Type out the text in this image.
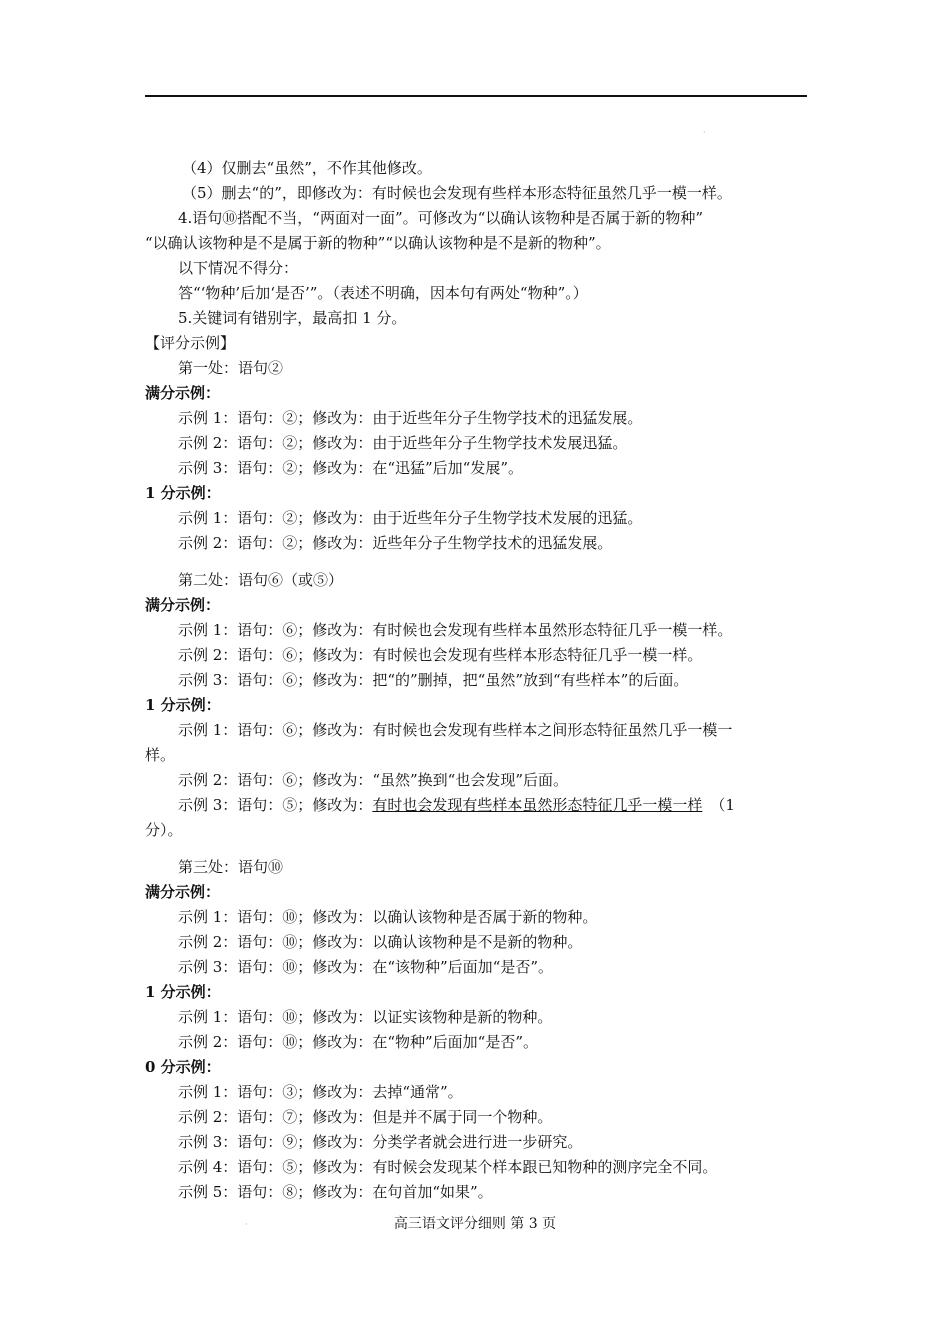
·
（4）仅删去“虽然”，不作其他修改。
（5）删去“的”，即修改为：有时候也会发现有些样本形态特征虽然几乎一模一样。
4.语句⑩搭配不当，“两面对一面”。可修改为“以确认该物种是否属于新的物种”
“以确认该物种是不是属于新的物种”“以确认该物种是不是新的物种”。
以下情况不得分：
答“‘物种’后加‘是否’”。（表述不明确，因本句有两处“物种”。）
5.关键词有错别字，最高扣 1 分。
【评分示例】
第一处：语句②
满分示例：
示例 1：语句：②；修改为：由于近些年分子生物学技术的迅猛发展。
示例 2：语句：②；修改为：由于近些年分子生物学技术发展迅猛。
示例 3：语句：②；修改为：在“迅猛”后加“发展”。
1 分示例：
示例 1：语句：②；修改为：由于近些年分子生物学技术发展的迅猛。
示例 2：语句：②；修改为：近些年分子生物学技术的迅猛发展。
第二处：语句⑥（或⑤）
满分示例：
示例 1：语句：⑥；修改为：有时候也会发现有些样本虽然形态特征几乎一模一样。
示例 2：语句：⑥；修改为：有时候也会发现有些样本形态特征几乎一模一样。
示例 3：语句：⑥；修改为：把“的”删掉，把“虽然”放到“有些样本”的后面。
1 分示例：
示例 1：语句：⑥；修改为：有时候也会发现有些样本之间形态特征虽然几乎一模一
样。
示例 2：语句：⑥；修改为：“虽然”换到“也会发现”后面。
示例 3：语句：⑤；修改为：有时也会发现有些样本虽然形态特征几乎一模一样 （1
分）。
第三处：语句⑩
满分示例：
示例 1：语句：⑩；修改为：以确认该物种是否属于新的物种。
示例 2：语句：⑩；修改为：以确认该物种是不是新的物种。
示例 3：语句：⑩；修改为：在“该物种”后面加“是否”。
1 分示例：
示例 1：语句：⑩；修改为：以证实该物种是新的物种。
示例 2：语句：⑩；修改为：在“物种”后面加“是否”。
0 分示例：
示例 1：语句：③；修改为：去掉“通常”。
示例 2：语句：⑦；修改为：但是并不属于同一个物种。
示例 3：语句：⑨；修改为：分类学者就会进行进一步研究。
示例 4：语句：⑤；修改为：有时候会发现某个样本跟已知物种的测序完全不同。
示例 5：语句：⑧；修改为：在句首加“如果”。
·	高三语文评分细则 第 3 页
